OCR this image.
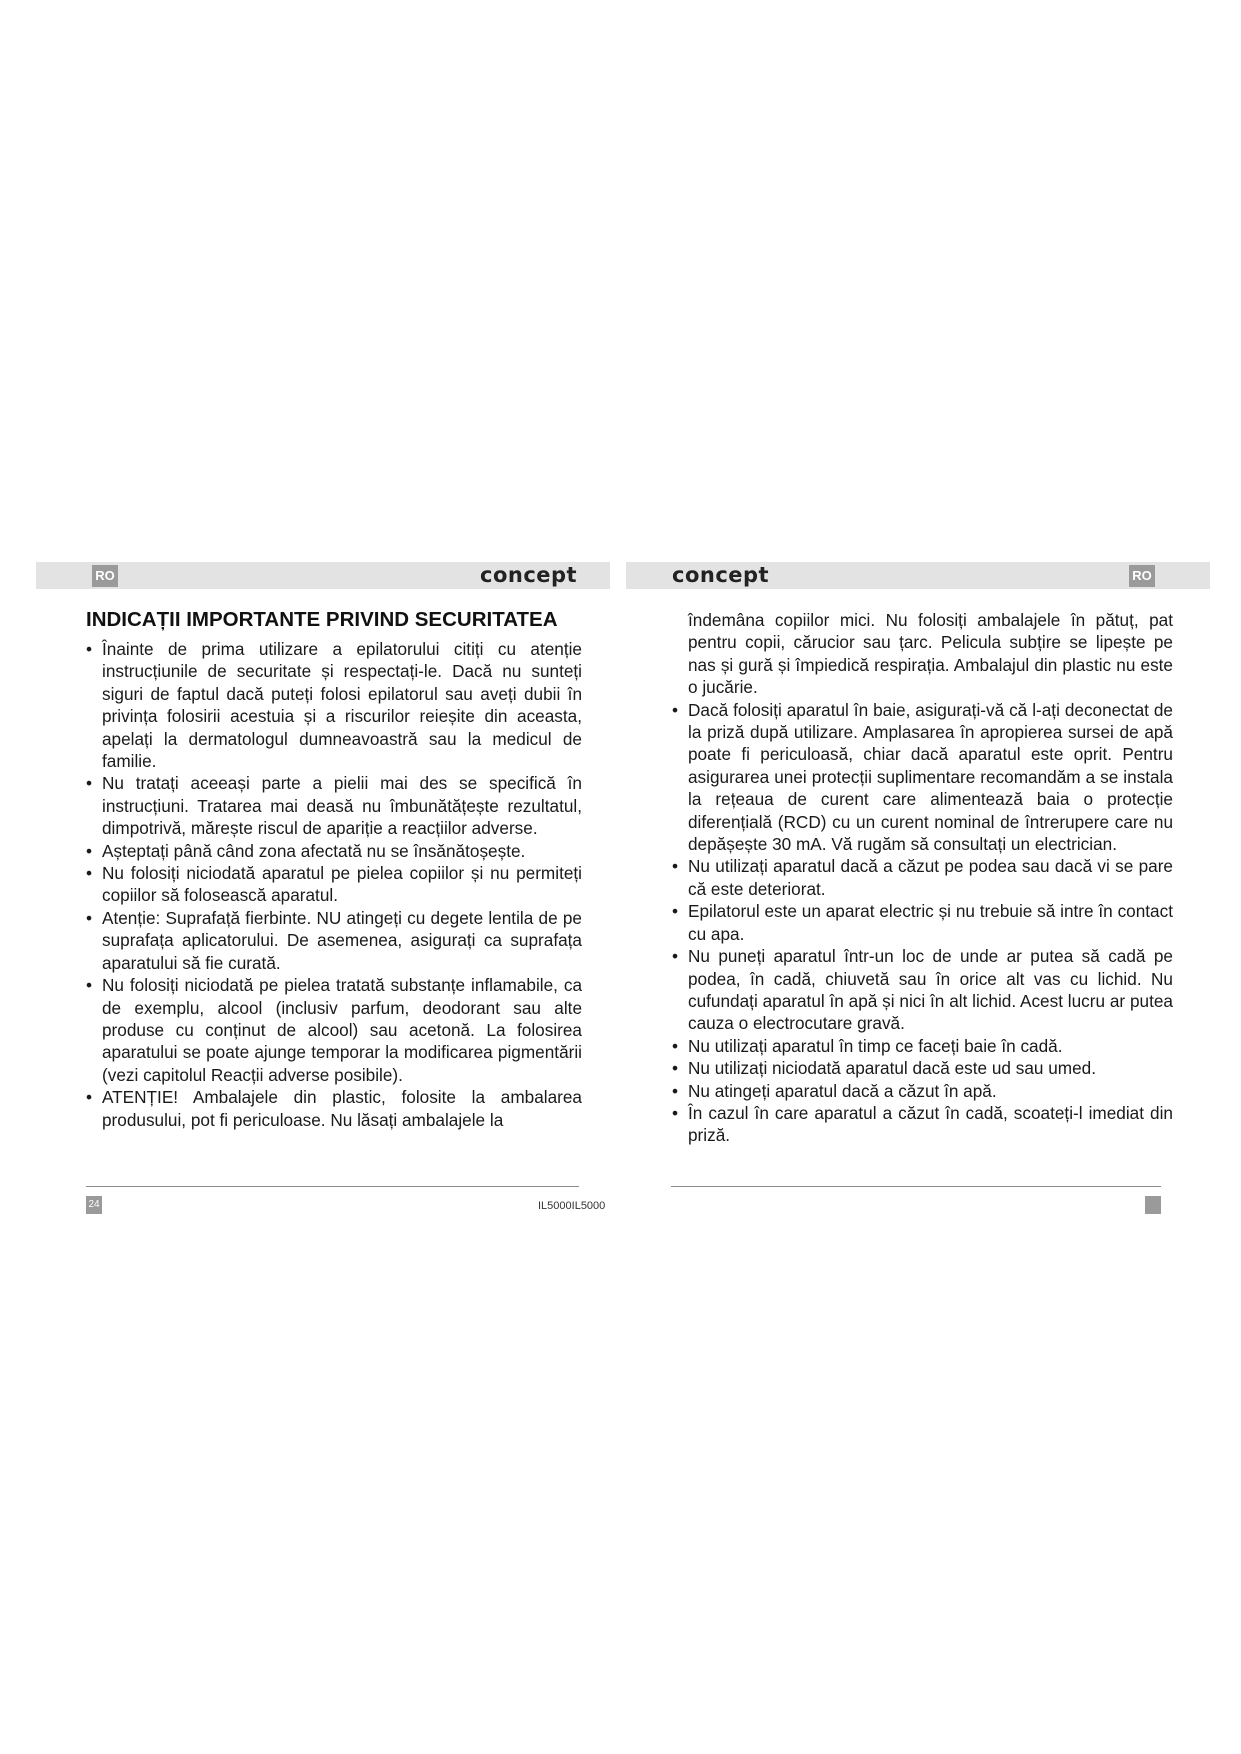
RO	RO
concept	concept
INDICAȚII IMPORTANTE PRIVIND SECURITATEA
• Înainte de prima utilizare a epilatorului citiți cu atenție instrucțiunile de securitate și respectați-le. Dacă nu sunteți siguri de faptul dacă puteți folosi epilatorul sau aveți dubii în privința folosirii acestuia și a riscurilor reieșite din aceasta, apelați la dermatologul dumneavoastră sau la medicul de familie.
• Nu tratați aceeași parte a pielii mai des se specifică în instrucțiuni. Tratarea mai deasă nu îmbunătățește rezultatul, dimpotrivă, mărește riscul de apariție a reacțiilor adverse.
• Așteptați până când zona afectată nu se însănătoșește.
• Nu folosiți niciodată aparatul pe pielea copiilor și nu permiteți copiilor să folosească aparatul.
• Atenție: Suprafață fierbinte. NU atingeți cu degete lentila de pe suprafața aplicatorului. De asemenea, asigurați ca suprafața aparatului să fie curată.
• Nu folosiți niciodată pe pielea tratată substanțe inflamabile, ca de exemplu, alcool (inclusiv parfum, deodorant sau alte produse cu conținut de alcool) sau acetonă. La folosirea aparatului se poate ajunge temporar la modificarea pigmentării (vezi capitolul Reacții adverse posibile).
• ATENȚIE! Ambalajele din plastic, folosite la ambalarea produsului, pot fi periculoase. Nu lăsați ambalajele la
îndemâna copiilor mici. Nu folosiți ambalajele în pătuț, pat pentru copii, cărucior sau țarc. Pelicula subțire se lipește pe nas și gură și împiedică respirația. Ambalajul din plastic nu este o jucărie.
• Dacă folosiți aparatul în baie, asigurați-vă că l-ați deconectat de la priză după utilizare. Amplasarea în apropierea sursei de apă poate fi periculoasă, chiar dacă aparatul este oprit. Pentru asigurarea unei protecții suplimentare recomandăm a se instala la rețeaua de curent care alimentează baia o protecție diferențială (RCD) cu un curent nominal de întrerupere care nu depășește 30 mA. Vă rugăm să consultați un electrician.
• Nu utilizați aparatul dacă a căzut pe podea sau dacă vi se pare că este deteriorat.
• Epilatorul este un aparat electric și nu trebuie să intre în contact cu apa.
• Nu puneți aparatul într-un loc de unde ar putea să cadă pe podea, în cadă, chiuvetă sau în orice alt vas cu lichid. Nu cufundați aparatul în apă și nici în alt lichid. Acest lucru ar putea cauza o electrocutare gravă.
• Nu utilizați aparatul în timp ce faceți baie în cadă.
• Nu utilizați niciodată aparatul dacă este ud sau umed.
• Nu atingeți aparatul dacă a căzut în apă.
• În cazul în care aparatul a căzut în cadă, scoateți-l imediat din priză.
24	IL5000IL5000
